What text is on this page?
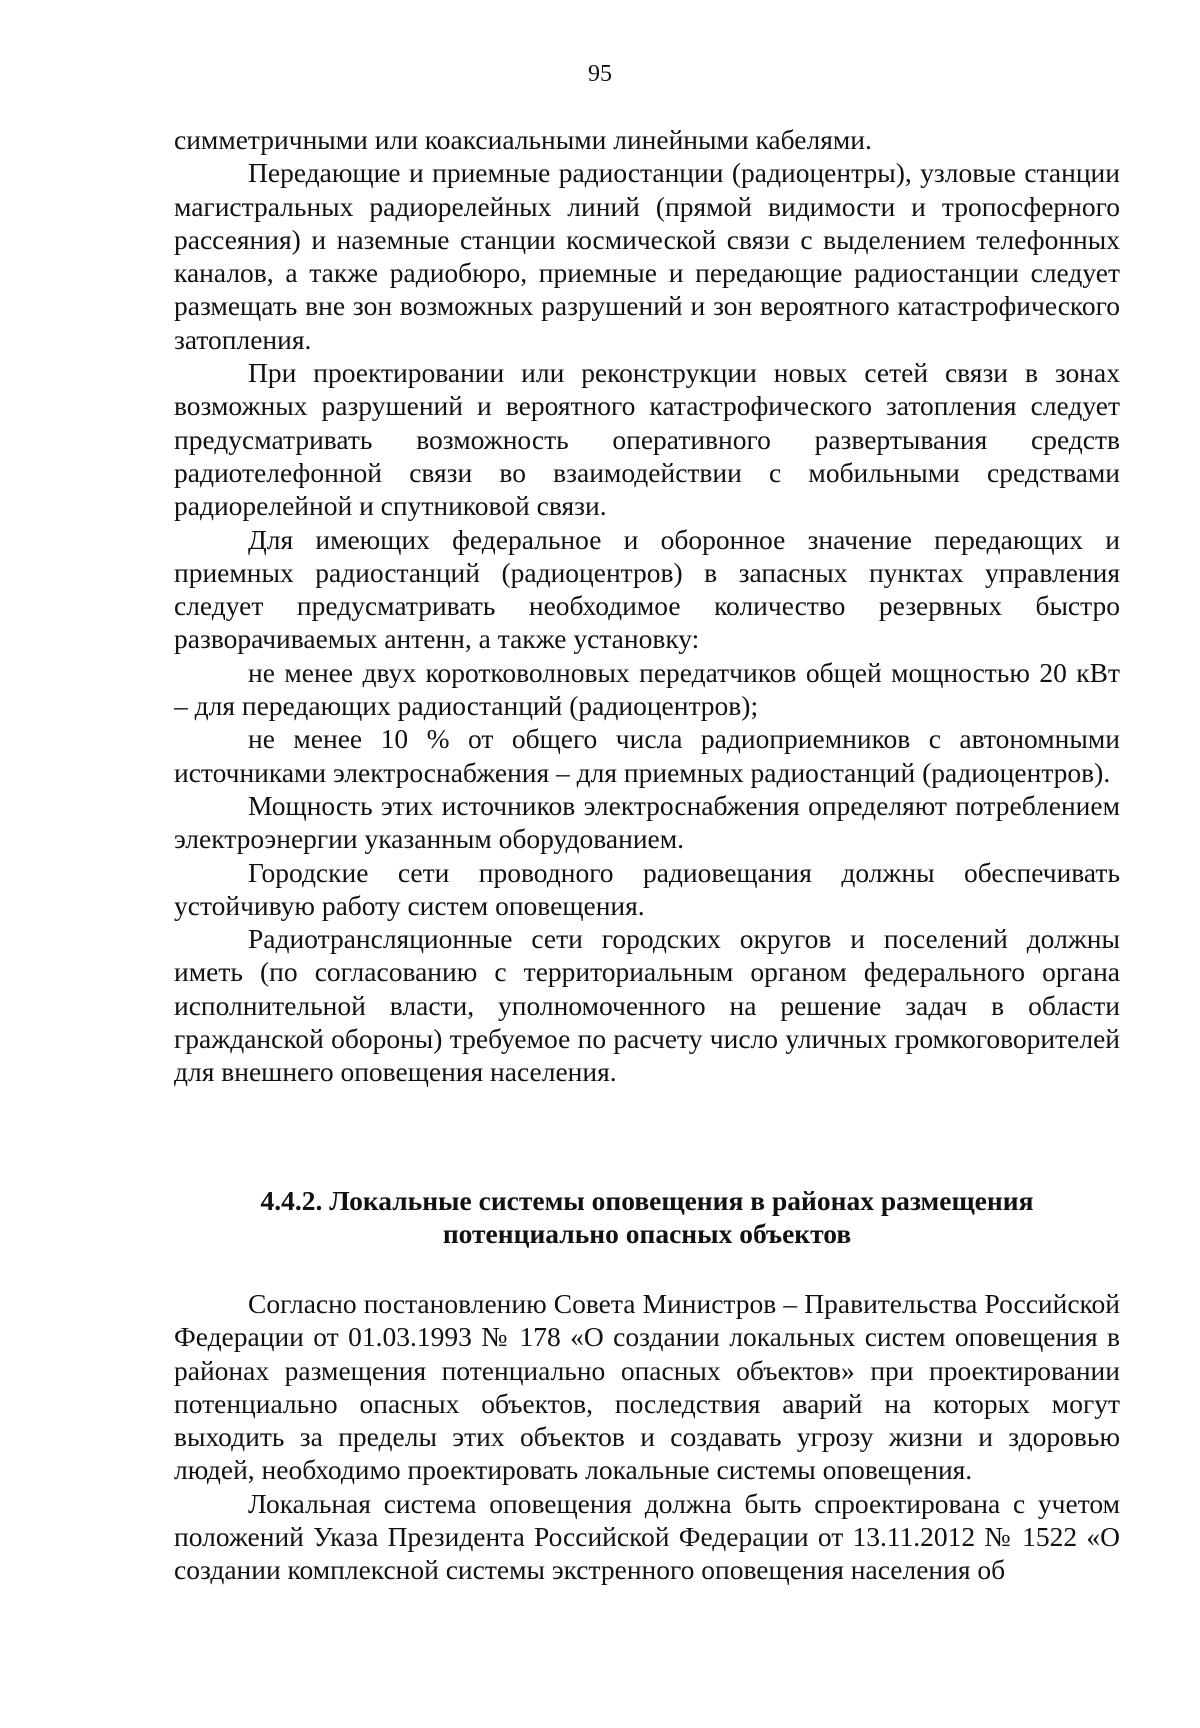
95

симметричными или коаксиальными линейными кабелями.

Передающие и приемные радиостанции (радиоцентры), узловые станции магистральных радиорелейных линий (прямой видимости и тропосферного рассеяния) и наземные станции космической связи с выделением телефонных каналов, а также радиобюро, приемные и передающие радиостанции следует размещать вне зон возможных разрушений и зон вероятного катастрофического затопления.

При проектировании или реконструкции новых сетей связи в зонах возможных разрушений и вероятного катастрофического затопления следует предусматривать возможность оперативного развертывания средств радиотелефонной связи во взаимодействии с мобильными средствами радиорелейной и спутниковой связи.

Для имеющих федеральное и оборонное значение передающих и приемных радиостанций (радиоцентров) в запасных пунктах управления следует предусматривать необходимое количество резервных быстро разворачиваемых антенн, а также установку:

не менее двух коротковолновых передатчиков общей мощностью 20 кВт – для передающих радиостанций (радиоцентров);

не менее 10 % от общего числа радиоприемников с автономными источниками электроснабжения – для приемных радиостанций (радиоцентров).

Мощность этих источников электроснабжения определяют потреблением электроэнергии указанным оборудованием.

Городские сети проводного радиовещания должны обеспечивать устойчивую работу систем оповещения.

Радиотрансляционные сети городских округов и поселений должны иметь (по согласованию с территориальным органом федерального органа исполнительной власти, уполномоченного на решение задач в области гражданской обороны) требуемое по расчету число уличных громкоговорителей для внешнего оповещения населения.

4.4.2. Локальные системы оповещения в районах размещения
потенциально опасных объектов

Согласно постановлению Совета Министров – Правительства Российской Федерации от 01.03.1993 № 178 «О создании локальных систем оповещения в районах размещения потенциально опасных объектов» при проектировании потенциально опасных объектов, последствия аварий на которых могут выходить за пределы этих объектов и создавать угрозу жизни и здоровью людей, необходимо проектировать локальные системы оповещения.

Локальная система оповещения должна быть спроектирована с учетом положений Указа Президента Российской Федерации от 13.11.2012 № 1522 «О создании комплексной системы экстренного оповещения населения об
